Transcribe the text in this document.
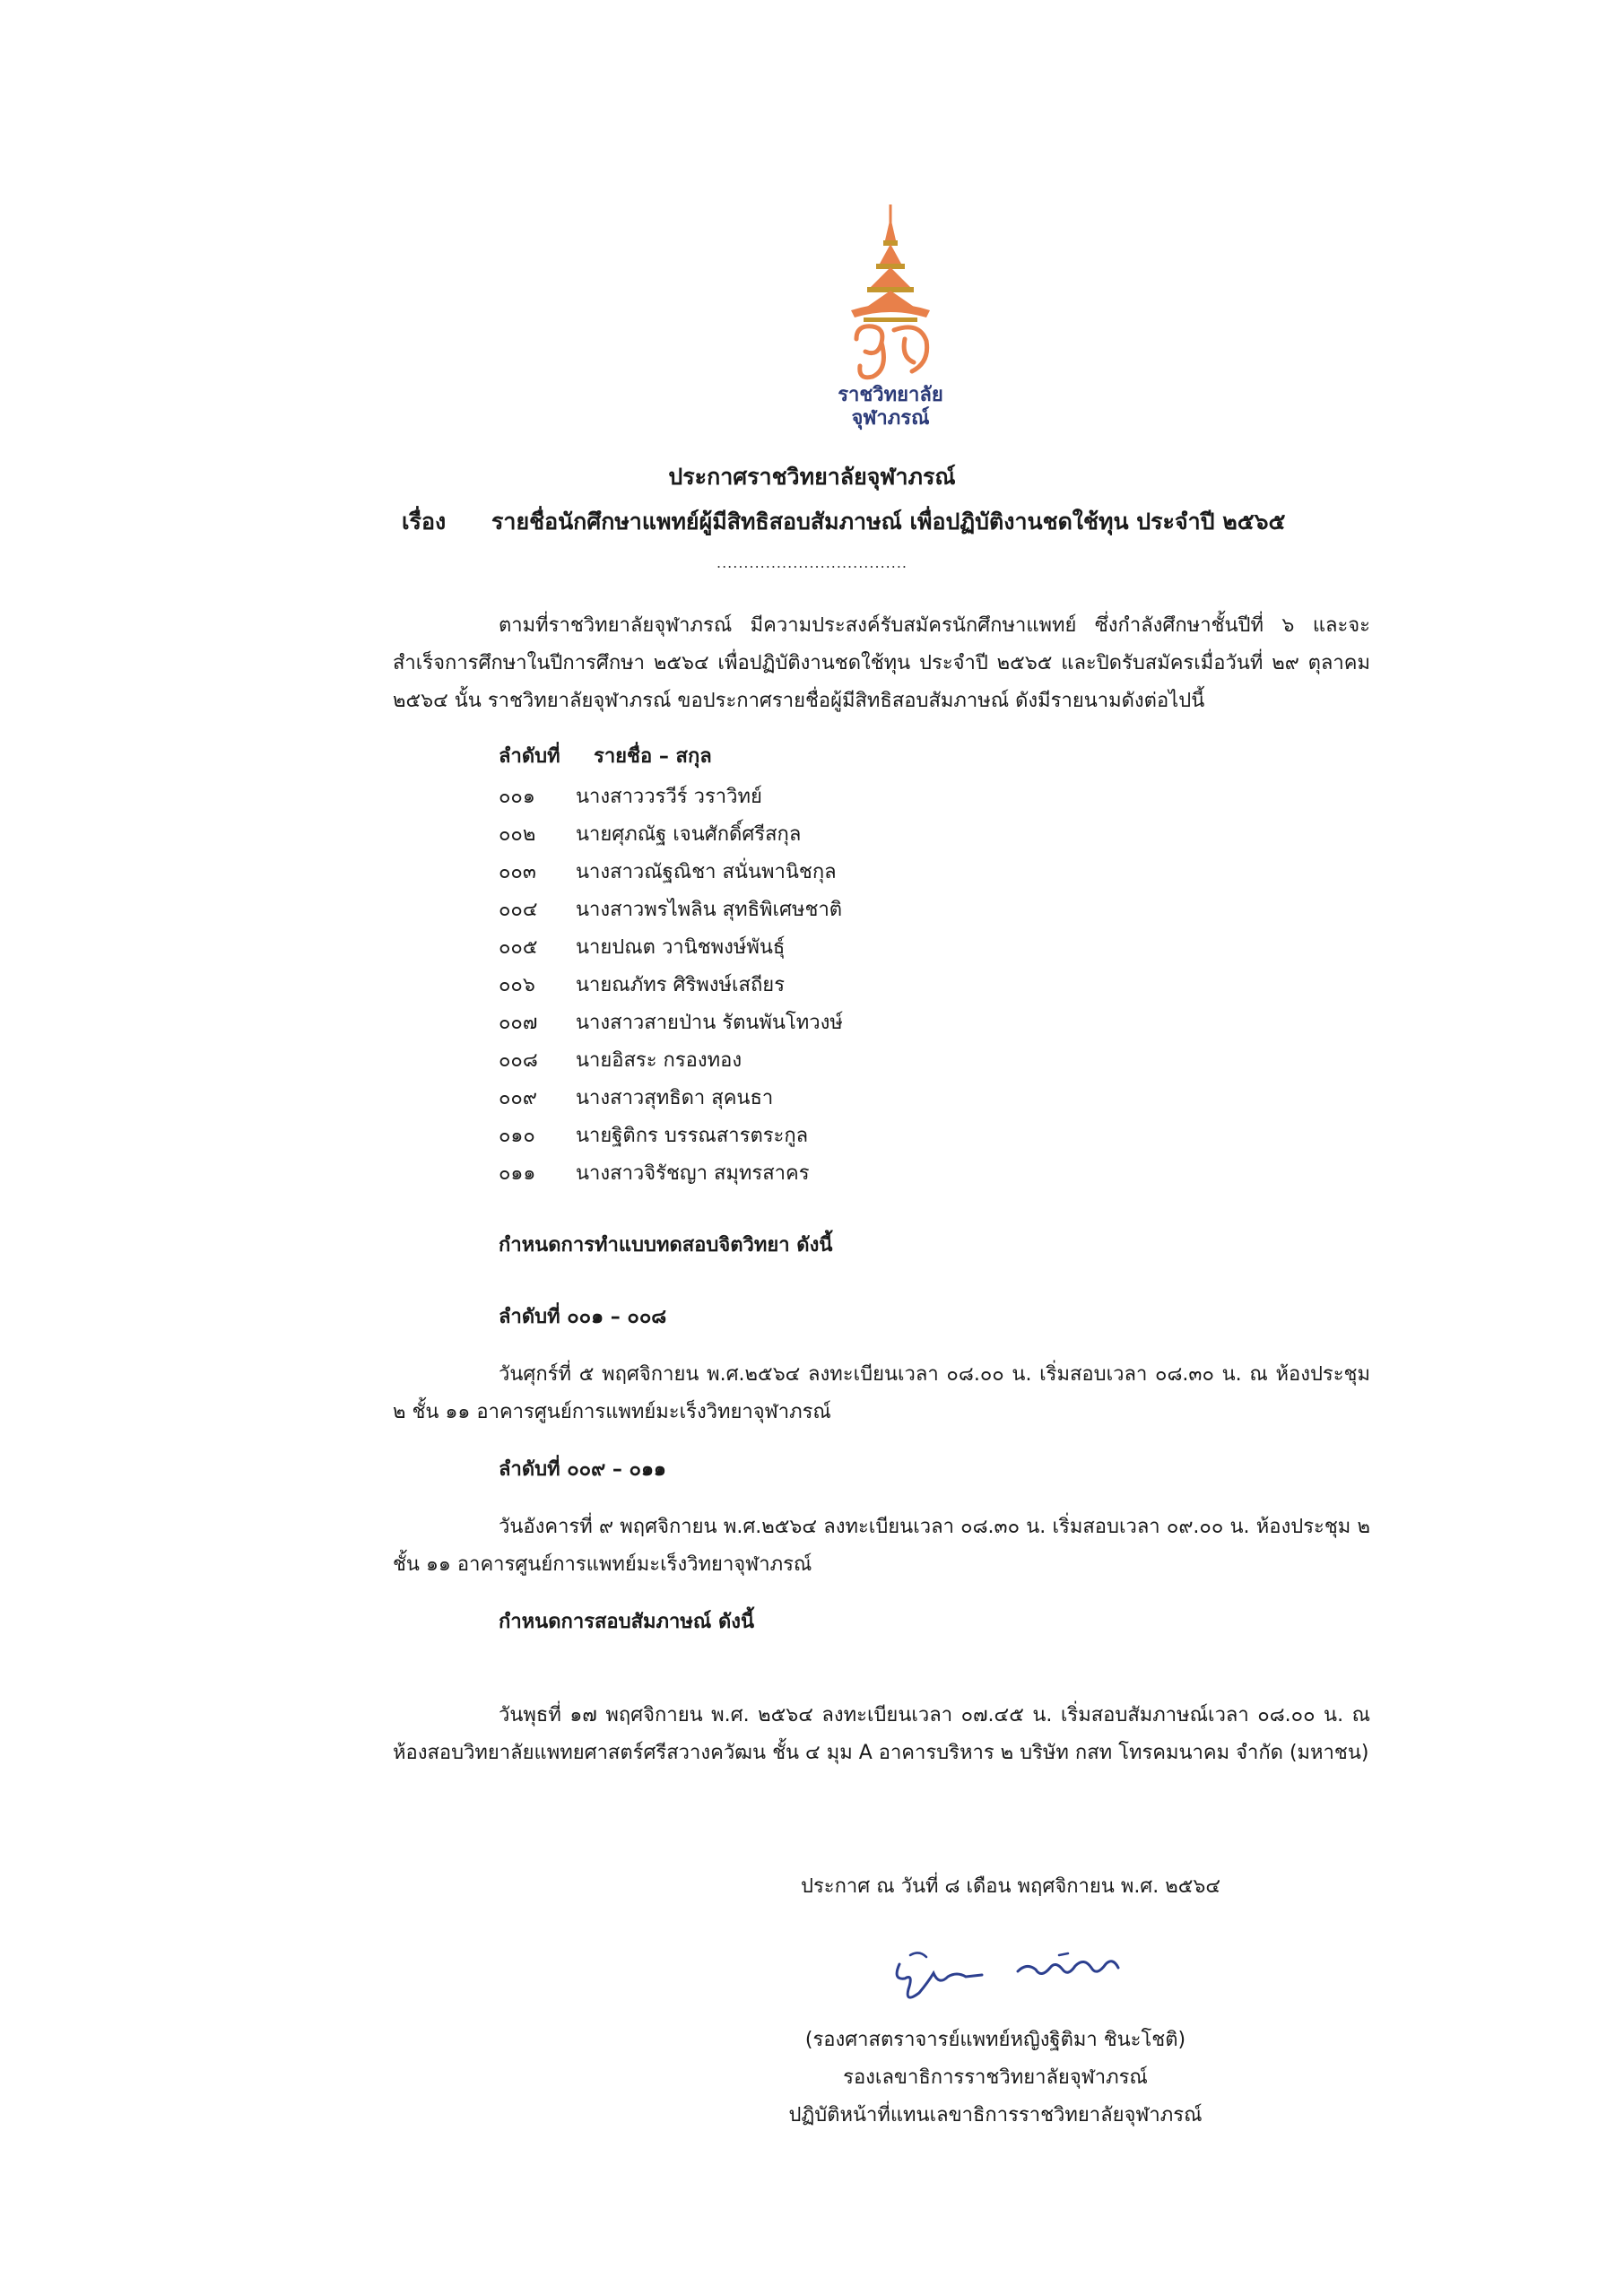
ราชวิทยาลัย
จุฬาภรณ์
ประกาศราชวิทยาลัยจุฬาภรณ์
เรื่อง รายชื่อนักศึกษาแพทย์ผู้มีสิทธิสอบสัมภาษณ์ เพื่อปฏิบัติงานชดใช้ทุน ประจำปี ๒๕๖๕
...................................

ตามที่ราชวิทยาลัยจุฬาภรณ์ มีความประสงค์รับสมัครนักศึกษาแพทย์ ซึ่งกำลังศึกษาชั้นปีที่ ๖ และจะสำเร็จการศึกษาในปีการศึกษา ๒๕๖๔ เพื่อปฏิบัติงานชดใช้ทุน ประจำปี ๒๕๖๕ และปิดรับสมัครเมื่อวันที่ ๒๙ ตุลาคม ๒๕๖๔ นั้น ราชวิทยาลัยจุฬาภรณ์ ขอประกาศรายชื่อผู้มีสิทธิสอบสัมภาษณ์ ดังมีรายนามดังต่อไปนี้

ลำดับที่ รายชื่อ – สกุล
๐๐๑ นางสาววรวีร์ วราวิทย์
๐๐๒ นายศุภณัฐ เจนศักดิ์ศรีสกุล
๐๐๓ นางสาวณัฐณิชา สนั่นพานิชกุล
๐๐๔ นางสาวพรไพลิน สุทธิพิเศษชาติ
๐๐๕ นายปณต วานิชพงษ์พันธุ์
๐๐๖ นายณภัทร ศิริพงษ์เสถียร
๐๐๗ นางสาวสายป่าน รัตนพันโทวงษ์
๐๐๘ นายอิสระ กรองทอง
๐๐๙ นางสาวสุทธิดา สุคนธา
๐๑๐ นายฐิติกร บรรณสารตระกูล
๐๑๑ นางสาวจิรัชญา สมุทรสาคร
กำหนดการทำแบบทดสอบจิตวิทยา ดังนี้
ลำดับที่ ๐๐๑ – ๐๐๘

วันศุกร์ที่ ๕ พฤศจิกายน พ.ศ.๒๕๖๔ ลงทะเบียนเวลา ๐๘.๐๐ น. เริ่มสอบเวลา ๐๘.๓๐ น. ณ ห้องประชุม ๒ ชั้น ๑๑ อาคารศูนย์การแพทย์มะเร็งวิทยาจุฬาภรณ์

ลำดับที่ ๐๐๙ – ๐๑๑

วันอังคารที่ ๙ พฤศจิกายน พ.ศ.๒๕๖๔ ลงทะเบียนเวลา ๐๘.๓๐ น. เริ่มสอบเวลา ๐๙.๐๐ น. ห้องประชุม ๒ ชั้น ๑๑ อาคารศูนย์การแพทย์มะเร็งวิทยาจุฬาภรณ์

กำหนดการสอบสัมภาษณ์ ดังนี้

วันพุธที่ ๑๗ พฤศจิกายน พ.ศ. ๒๕๖๔ ลงทะเบียนเวลา ๐๗.๔๕ น. เริ่มสอบสัมภาษณ์เวลา ๐๘.๐๐ น. ณ ห้องสอบวิทยาลัยแพทยศาสตร์ศรีสวางควัฒน ชั้น ๔ มุม A อาคารบริหาร ๒ บริษัท กสท โทรคมนาคม จำกัด (มหาชน)

ประกาศ ณ วันที่ ๘ เดือน พฤศจิกายน พ.ศ. ๒๕๖๔
(รองศาสตราจารย์แพทย์หญิงฐิติมา ชินะโชติ)
รองเลขาธิการราชวิทยาลัยจุฬาภรณ์
ปฏิบัติหน้าที่แทนเลขาธิการราชวิทยาลัยจุฬาภรณ์
